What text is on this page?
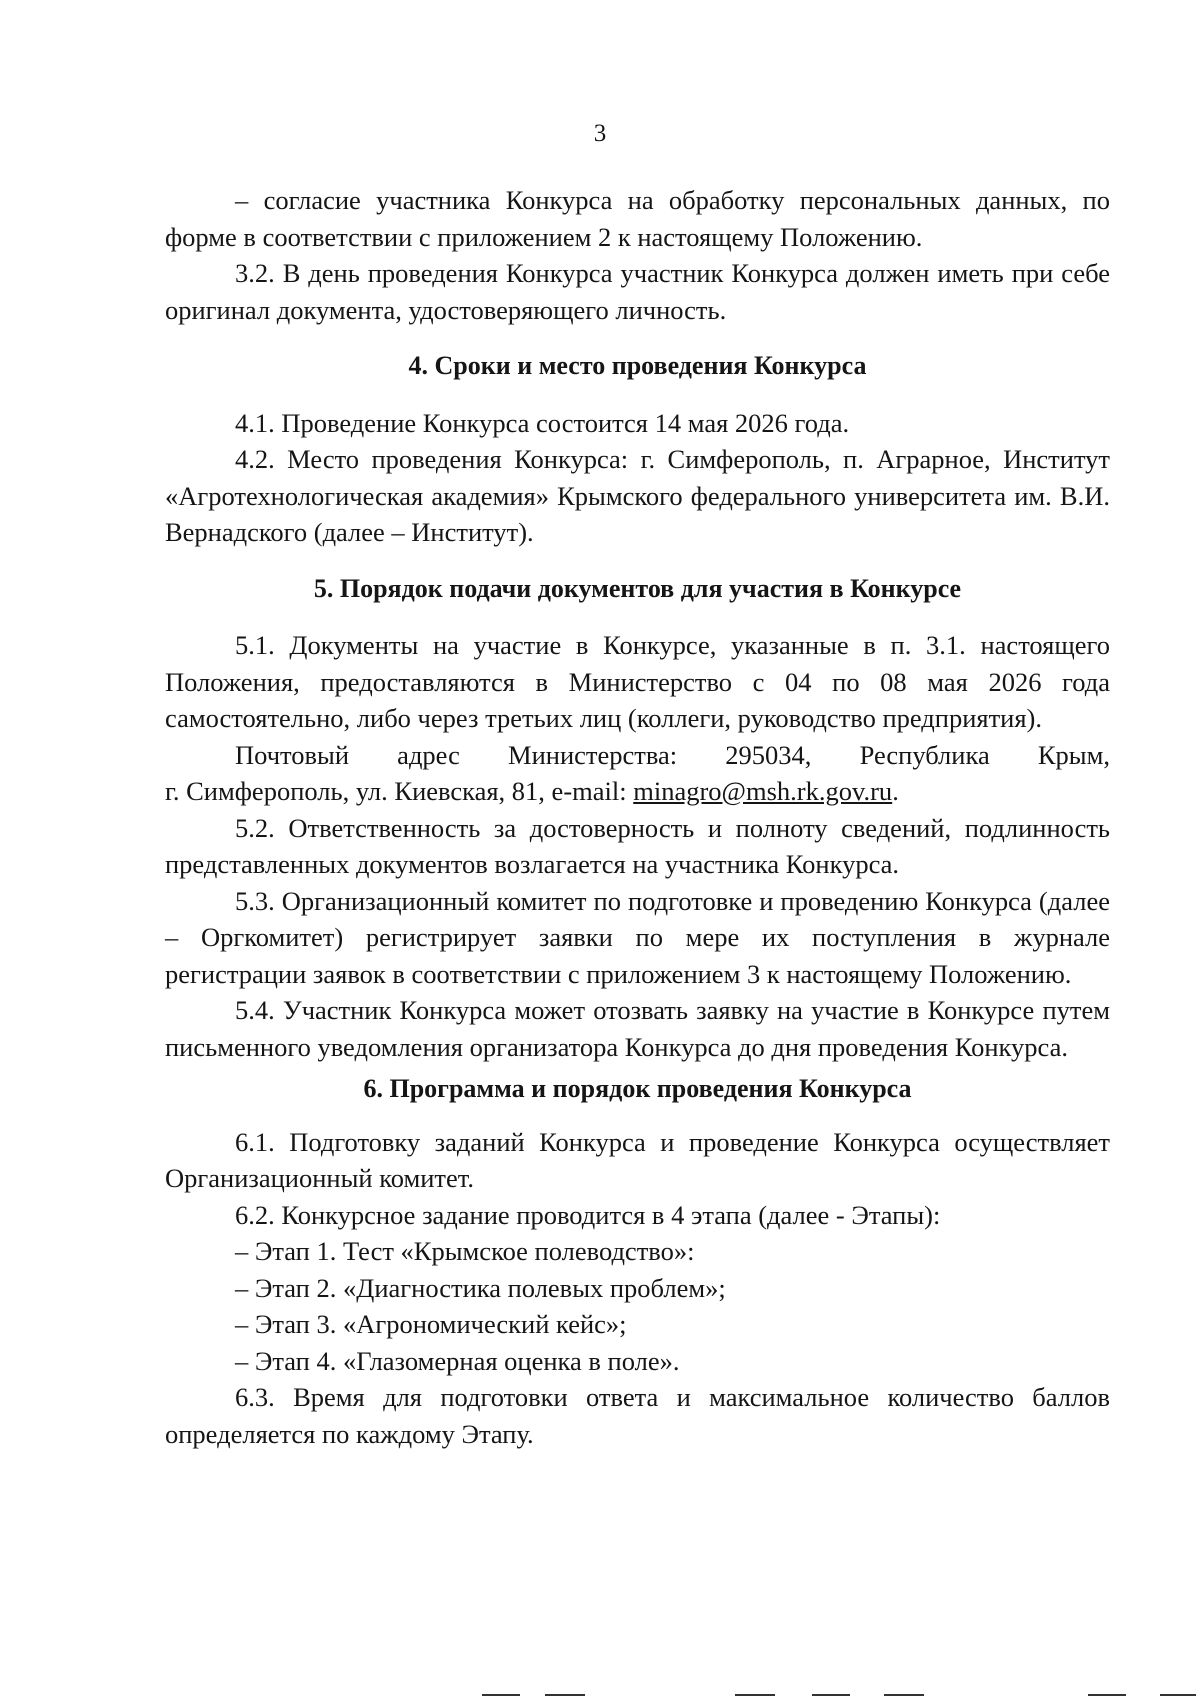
3

– согласие участника Конкурса на обработку персональных данных, по форме в соответствии с приложением 2 к настоящему Положению.

3.2. В день проведения Конкурса участник Конкурса должен иметь при себе оригинал документа, удостоверяющего личность.

4. Сроки и место проведения Конкурса

4.1. Проведение Конкурса состоится 14 мая 2026 года.

4.2. Место проведения Конкурса: г. Симферополь, п. Аграрное, Институт «Агротехнологическая академия» Крымского федерального университета им. В.И. Вернадского (далее – Институт).

5. Порядок подачи документов для участия в Конкурсе

5.1. Документы на участие в Конкурсе, указанные в п. 3.1. настоящего Положения, предоставляются в Министерство с 04 по 08 мая 2026 года самостоятельно, либо через третьих лиц (коллеги, руководство предприятия).

Почтовый адрес Министерства: 295034, Республика Крым,

г. Симферополь, ул. Киевская, 81, e-mail: minagro@msh.rk.gov.ru.

5.2. Ответственность за достоверность и полноту сведений, подлинность представленных документов возлагается на участника Конкурса.

5.3. Организационный комитет по подготовке и проведению Конкурса (далее – Оргкомитет) регистрирует заявки по мере их поступления в журнале регистрации заявок в соответствии с приложением 3 к настоящему Положению.

5.4. Участник Конкурса может отозвать заявку на участие в Конкурсе путем письменного уведомления организатора Конкурса до дня проведения Конкурса.

6. Программа и порядок проведения Конкурса

6.1. Подготовку заданий Конкурса и проведение Конкурса осуществляет Организационный комитет.

6.2. Конкурсное задание проводится в 4 этапа (далее - Этапы):

– Этап 1. Тест «Крымское полеводство»:
– Этап 2. «Диагностика полевых проблем»;
– Этап 3. «Агрономический кейс»;
– Этап 4. «Глазомерная оценка в поле».

6.3. Время для подготовки ответа и максимальное количество баллов определяется по каждому Этапу.
